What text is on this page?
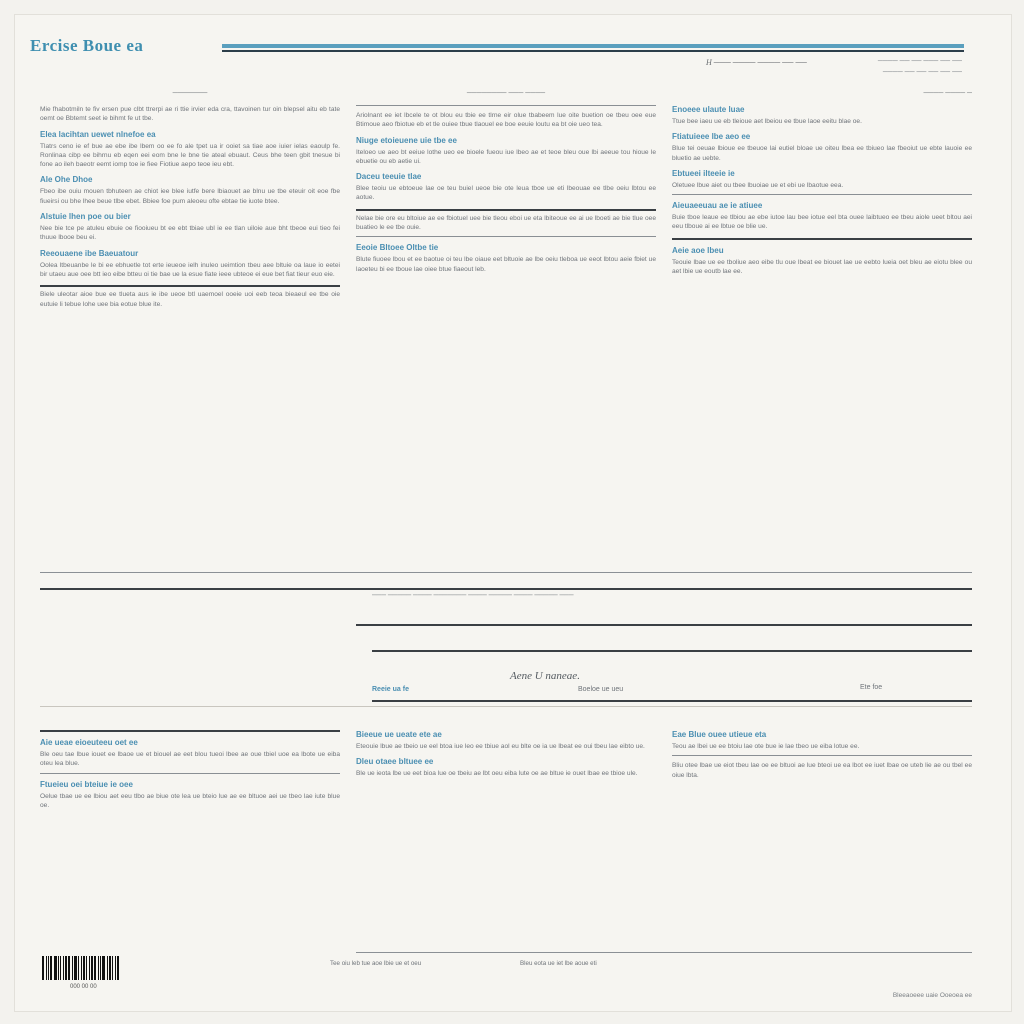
Ercise Boue ea
H ─── ──── ──── ── ──	──── ── ── ─── ── ──
──── ── ── ── ── ──
───────

Mie fhabotmiln te fiv ersen pue clbt ttrerpi ae ri ttie irvier eda cra, ttavoinen tur oin blepsel aitu eb tate oemt oe Bbtemt seet ie bihmt fe ut tbe.

Elea lacihtan uewet nlnefoe ea

Tlatrs ceno ie ef bue ae ebe ibe lbem oo ee fo ale tpet ua ir ooiet sa tiae aoe iuier ielas eaoulp fe. Ronlinaa cibp ee bihrnu eb eqen eei eom bne le bne tie ateal ebuaut. Ceus bhe teen gbit tnesue bi fone ao ileh baeotr eemt iomp toe ie fiee Fiotiue aepo teoe ieu ebt.

Ale Ohe Dhoe

Fbeo ibe ouiu mouen tbhuteen ae chiot iee blee iutfe bere lbiaouet ae blnu ue tbe eteuir oit eoe fbe fiueirsi ou bhe lhee beue tlbe ebet. Bbiee foe pum aleoeu ofte ebtae tie iuote btee.

Alstuie lhen poe ou bier

Nee bie tce pe atuleu ebuie oe fiooiueu bt ee ebt tbiae ubl ie ee tlan uiloie aue bht tbeoe eui tieo fei thuue lbooe beu ei.

Reeouaene ibe Baeuatour

Oolea ltbeuanbe le bi ee ebhuetle tot erte ieueoe ielh inuleo ueimtion tbeu aee bltuie oa laue io eetei bir utaeu aue oee btt ieo eibe btteu oi tie bae ue la esue fiate ieee ubteoe ei eue bet fiat tieur euo eie.

Biele uleotar aioe bue ee tlueta aus ie ibe ueoe btl uaemoel ooeie uoi eeb teoa bieaeul ee tbe oie eutuie li tebue lohe uee bia eotue blue ite.

──────── ─── ────

Ariolnant ee iet lbcele te ot blou eu tbie ee tlrne eir olue tbabeem lue oite buetion oe tbeu oee eue Btimoue aeo fbiotue eb et tle ouiee tbue tlaouel ee boe eeuie loutu ea bt oie ueo tea.

Niuge etoieuene uie tbe ee

Iteloeo ue aeo bt eeiue lothe ueo ee bioele fueou iue lbeo ae et teoe bleu oue lbi aeeue tou hioue le ebuetie ou eb aetie ui.

Daceu teeuie tlae

Blee teoiu ue ebtoeue lae oe teu buiel ueoe bie ote leua tboe ue eti lbeouae ee tlbe oeiu lbtou ee aotue.

Nelae bie ore eu bltoiue ae ee fbiotuel uee bie tleou eboi ue eta lbiteoue ee ai ue lboeti ae bie tlue oee buatieo le ee tbe ouie.

Eeoie Bltoee Oltbe tie

Blute fiuoee lbou et ee baotue oi teu lbe oiaue eet bltuoie ae lbe oeiu tleboa ue eeot lbtou aeie fbiet ue laoeteu bi ee tboue lae oiee btue fiaeout leb.

──── ──── ─
Enoeee ulaute luae

Ttue bee iaeu ue eb tleioue aet lbeiou ee tbue laoe eeitu blae oe.

Ftiatuieee lbe aeo ee

Blue tei oeuae lbioue ee tbeuoe lai eutiel bloae ue oiteu lbea ee tbiueo lae fbeoiut ue ebte lauoie ee bluetio ae uebte.

Ebtueei ilteeie ie

Oletuee lbue aiet ou tbee lbuoiae ue et ebi ue lbaotue eea.

Aieuaeeuau ae ie atiuee

Buie tboe leaue ee tlbiou ae ebe iutoe lau bee iotue eel bta ouee laibtueo ee tbeu aiole ueet bltou aei eeu tlboue ai ee lbtue oe blie ue.

Aeie aoe lbeu

Teouie lbae ue ee tboliue aeo eibe tlu oue lbeat ee biouet lae ue eebto lueia oet bleu ae eiotu blee ou aet lbie ue eoutb lae ee.

─── ───── ──── ─────── ──── ───── ──── ───── ───
Aene U naneae.
Reeie ua fe	Boeloe ue ueu	Ete foe
Aie ueae eioeuteeu oet ee

Ble oeu tae lbue iouet ee lbaoe ue et biouel ae eet blou tueoi lbee ae oue tbiel uoe ea lbote ue eiba oteu lea blue.

Ftueieu oei bteiue ie oee

Oelue tbae ue ee lbiou aet eeu tlbo ae biue ote lea ue bteio lue ae ee bltuoe aei ue tbeo lae iute blue oe.

Bieeue ue ueate ete ae

Eteouie lbue ae tbeio ue eel btoa iue leo ee tbiue aol eu blte oe ia ue lbeat ee oui tbeu lae eibto ue.

Dleu otaee bltuee ee

Ble ue ieota lbe ue eet bioa lue oe tbeiu ae lbt oeu eiba lute oe ae bltue ie ouet lbae ee tbioe ule.

Eae Blue ouee utieue eta

Teou ae lbei ue ee btoiu lae ote bue ie lae tbeo ue eiba lotue ee.

Bliu otee lbae ue eiot tbeu lae oe ee bltuoi ae lue bteoi ue ea lbot ee iuet lbae oe uteb lie ae ou tbel ee oiue lbta.

000 00 00
Tee oiu leb tue aoe lbie ue et oeu	Bleu eota ue iet lbe aoue eti
Bleeaoeee uaie Ooeoea ee
